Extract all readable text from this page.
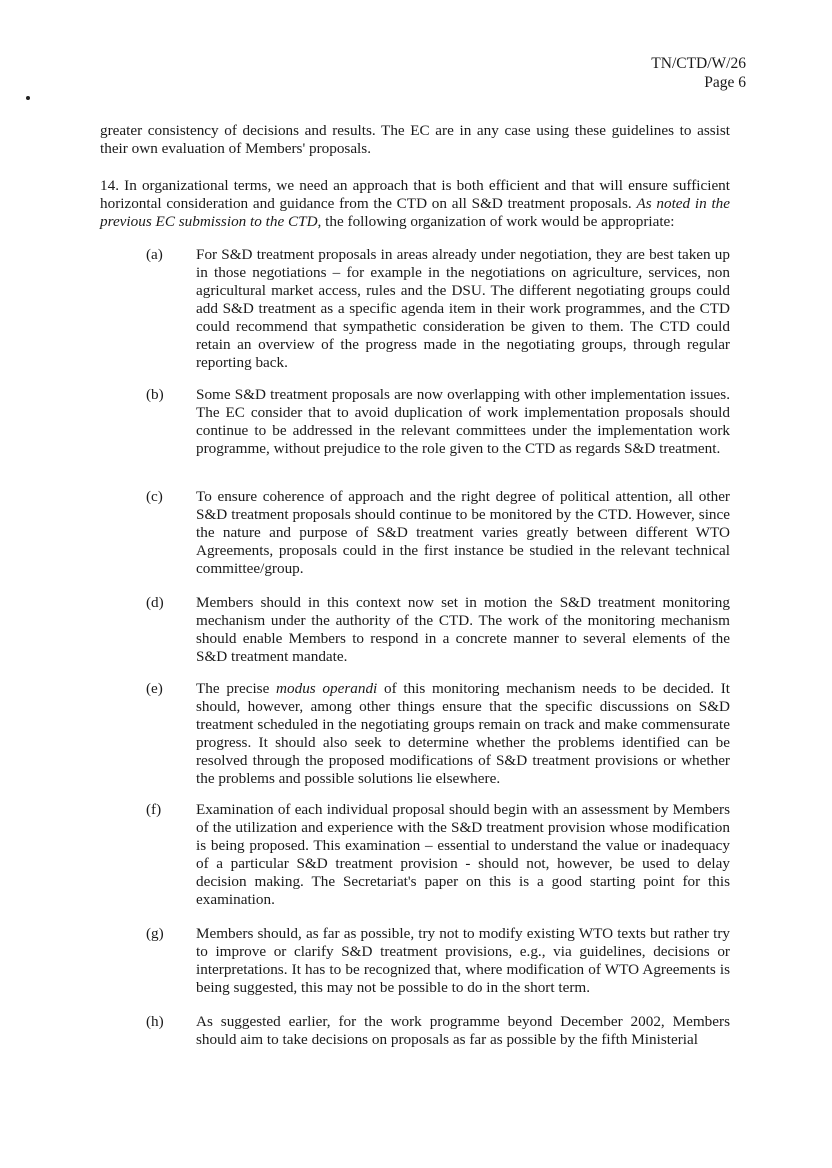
TN/CTD/W/26
Page 6
greater consistency of decisions and results. The EC are in any case using these guidelines to assist their own evaluation of Members' proposals.
14. In organizational terms, we need an approach that is both efficient and that will ensure sufficient horizontal consideration and guidance from the CTD on all S&D treatment proposals. As noted in the previous EC submission to the CTD, the following organization of work would be appropriate:
(a)	For S&D treatment proposals in areas already under negotiation, they are best taken up in those negotiations – for example in the negotiations on agriculture, services, non agricultural market access, rules and the DSU. The different negotiating groups could add S&D treatment as a specific agenda item in their work programmes, and the CTD could recommend that sympathetic consideration be given to them. The CTD could retain an overview of the progress made in the negotiating groups, through regular reporting back.
(b)	Some S&D treatment proposals are now overlapping with other implementation issues. The EC consider that to avoid duplication of work implementation proposals should continue to be addressed in the relevant committees under the implementation work programme, without prejudice to the role given to the CTD as regards S&D treatment.
(c)	To ensure coherence of approach and the right degree of political attention, all other S&D treatment proposals should continue to be monitored by the CTD. However, since the nature and purpose of S&D treatment varies greatly between different WTO Agreements, proposals could in the first instance be studied in the relevant technical committee/group.
(d)	Members should in this context now set in motion the S&D treatment monitoring mechanism under the authority of the CTD. The work of the monitoring mechanism should enable Members to respond in a concrete manner to several elements of the S&D treatment mandate.
(e)	The precise modus operandi of this monitoring mechanism needs to be decided. It should, however, among other things ensure that the specific discussions on S&D treatment scheduled in the negotiating groups remain on track and make commensurate progress. It should also seek to determine whether the problems identified can be resolved through the proposed modifications of S&D treatment provisions or whether the problems and possible solutions lie elsewhere.
(f)	Examination of each individual proposal should begin with an assessment by Members of the utilization and experience with the S&D treatment provision whose modification is being proposed. This examination – essential to understand the value or inadequacy of a particular S&D treatment provision - should not, however, be used to delay decision making. The Secretariat's paper on this is a good starting point for this examination.
(g)	Members should, as far as possible, try not to modify existing WTO texts but rather try to improve or clarify S&D treatment provisions, e.g., via guidelines, decisions or interpretations. It has to be recognized that, where modification of WTO Agreements is being suggested, this may not be possible to do in the short term.
(h)	As suggested earlier, for the work programme beyond December 2002, Members should aim to take decisions on proposals as far as possible by the fifth Ministerial
